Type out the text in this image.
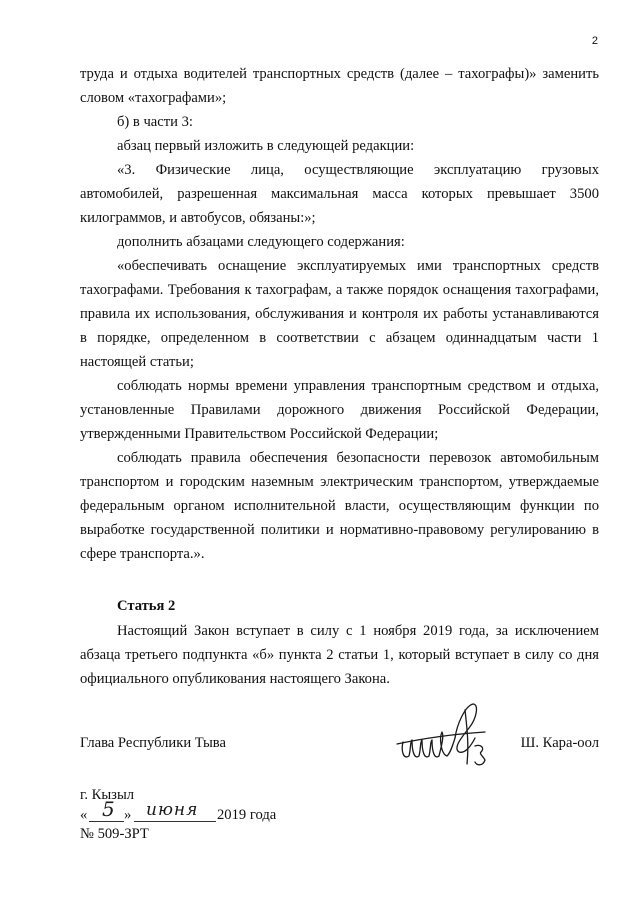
2

труда и отдыха водителей транспортных средств (далее – тахографы)» заменить

словом «тахографами»;

б) в части 3:

абзац первый изложить в следующей редакции:

«3. Физические лица, осуществляющие эксплуатацию грузовых автомобилей, разрешенная максимальная масса которых превышает 3500 килограммов, и автобусов, обязаны:»;

дополнить абзацами следующего содержания:

«обеспечивать оснащение эксплуатируемых ими транспортных средств тахографами. Требования к тахографам, а также порядок оснащения тахографами, правила их использования, обслуживания и контроля их работы устанавливаются в порядке, определенном в соответствии с абзацем одиннадцатым части 1 настоящей статьи;

соблюдать нормы времени управления транспортным средством и отдыха, установленные Правилами дорожного движения Российской Федерации, утвержденными Правительством Российской Федерации;

соблюдать правила обеспечения безопасности перевозок автомобильным транспортом и городским наземным электрическим транспортом, утверждаемые федеральным органом исполнительной власти, осуществляющим функции по выработке государственной политики и нормативно-правовому регулированию в сфере транспорта.».

Статья 2

Настоящий Закон вступает в силу с 1 ноября 2019 года, за исключением абзаца третьего подпункта «б» пункта 2 статьи 1, который вступает в силу со дня официального опубликования настоящего Закона.

Глава Республики Тыва	Ш. Кара-оол

г. Кызыл

« 5 » июня 2019 года

№ 509-ЗРТ
